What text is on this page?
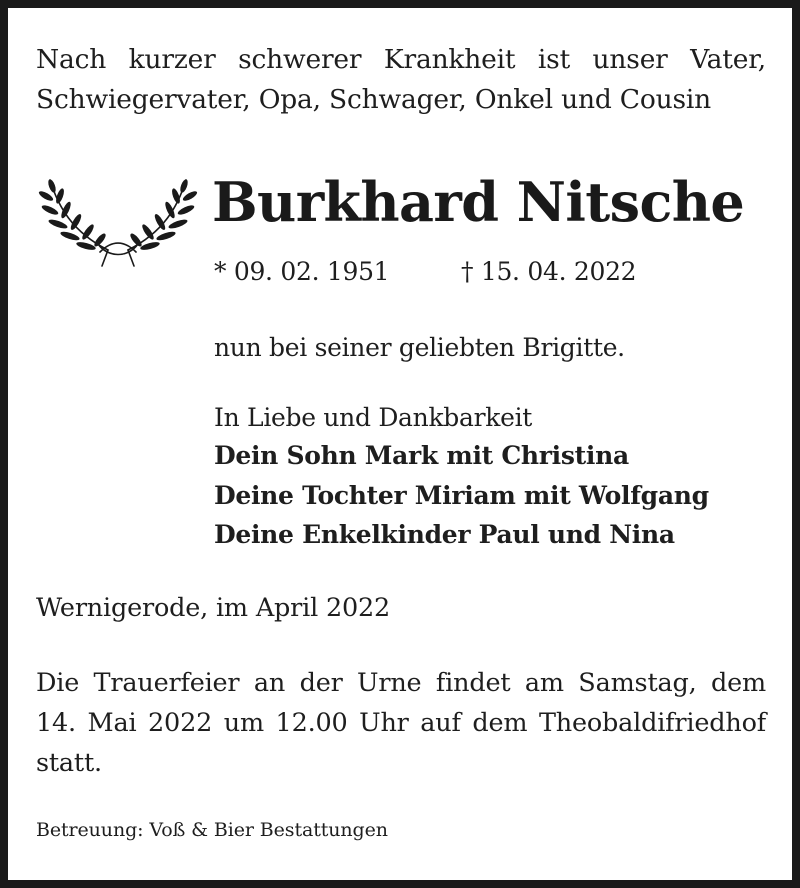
Nach kurzer schwerer Krankheit ist unser Vater,
Schwiegervater, Opa, Schwager, Onkel und Cousin
Burkhard Nitsche
* 09. 02. 1951	† 15. 04. 2022
nun bei seiner geliebten Brigitte.
In Liebe und Dankbarkeit
Dein Sohn Mark mit Christina
Deine Tochter Miriam mit Wolfgang
Deine Enkelkinder Paul und Nina
Wernigerode, im April 2022
Die Trauerfeier an der Urne findet am Samstag, dem
14. Mai 2022 um 12.00 Uhr auf dem Theobaldifriedhof
statt.
Betreuung: Voß & Bier Bestattungen
